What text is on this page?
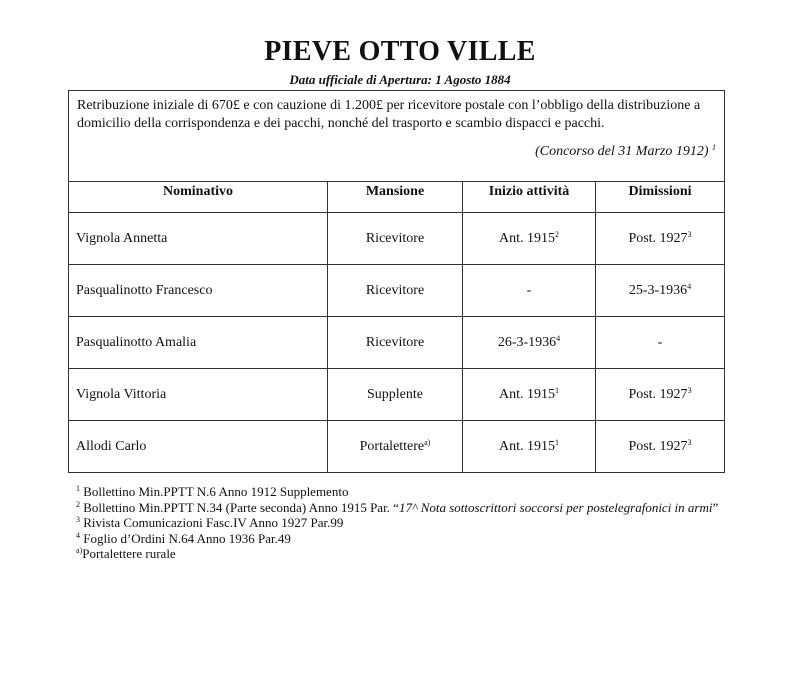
PIEVE OTTO VILLE
Data ufficiale di Apertura: 1 Agosto 1884
Retribuzione iniziale di 670£ e con cauzione di 1.200£ per ricevitore postale con l’obbligo della distribuzione a domicilio della corrispondenza e dei pacchi, nonché del trasporto e scambio dispacci e pacchi.
(Concorso del 31 Marzo 1912) $^1$

Nominativo	Mansione	Inizio attività	Dimissioni
Vignola Annetta	Ricevitore	Ant. 1915$^2$	Post. 1927$^3$
Pasqualinotto Francesco	Ricevitore	-	25-3-1936$^4$
Pasqualinotto Amalia	Ricevitore	26-3-1936$^4$	-
Vignola Vittoria	Supplente	Ant. 1915$^1$	Post. 1927$^3$
Allodi Carlo	Portalettere$^{a)}$	Ant. 1915$^1$	Post. 1927$^3$
$^1$ Bollettino Min.PPTT N.6 Anno 1912 Supplemento
$^2$ Bollettino Min.PPTT N.34 (Parte seconda) Anno 1915 Par. “17^ Nota sottoscrittori soccorsi per postelegrafonici in armi”
$^3$ Rivista Comunicazioni Fasc.IV Anno 1927 Par.99
$^4$ Foglio d’Ordini N.64 Anno 1936 Par.49
$^{a)}$Portalettere rurale
